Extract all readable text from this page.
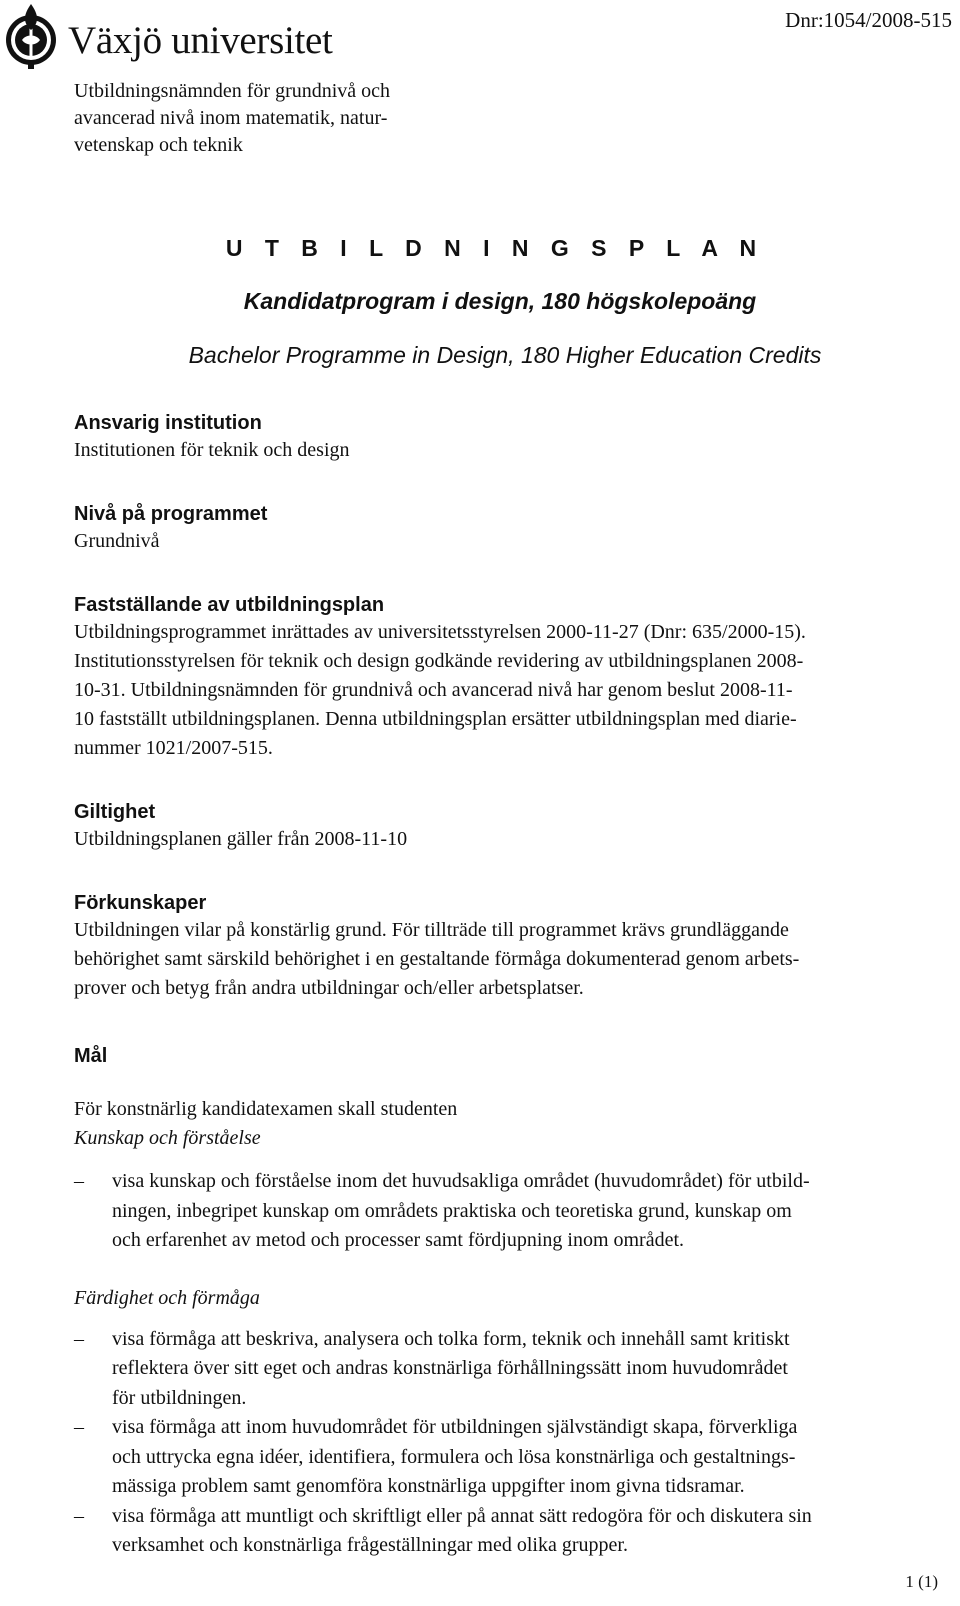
Växjö universitet	Dnr:1054/2008-515
Utbildningsnämnden för grundnivå och
avancerad nivå inom matematik, natur-
vetenskap och teknik
U T B I L D N I N G S P L A N
Kandidatprogram i design, 180 högskolepoäng
Bachelor Programme in Design, 180 Higher Education Credits
Ansvarig institution

Institutionen för teknik och design

Nivå på programmet

Grundnivå

Fastställande av utbildningsplan

Utbildningsprogrammet inrättades av universitetsstyrelsen 2000-11-27 (Dnr: 635/2000-15).
Institutionsstyrelsen för teknik och design godkände revidering av utbildningsplanen 2008-
10-31. Utbildningsnämnden för grundnivå och avancerad nivå har genom beslut 2008-11-
10 fastställt utbildningsplanen. Denna utbildningsplan ersätter utbildningsplan med diarie-
nummer 1021/2007-515.

Giltighet

Utbildningsplanen gäller från 2008-11-10

Förkunskaper

Utbildningen vilar på konstärlig grund. För tillträde till programmet krävs grundläggande
behörighet samt särskild behörighet i en gestaltande förmåga dokumenterad genom arbets-
prover och betyg från andra utbildningar och/eller arbetsplatser.

Mål

För konstnärlig kandidatexamen skall studenten

Kunskap och förståelse

– visa kunskap och förståelse inom det huvudsakliga området (huvudområdet) för utbild-
ningen, inbegripet kunskap om områdets praktiska och teoretiska grund, kunskap om
och erfarenhet av metod och processer samt fördjupning inom området.

Färdighet och förmåga

– visa förmåga att beskriva, analysera och tolka form, teknik och innehåll samt kritiskt
reflektera över sitt eget och andras konstnärliga förhållningssätt inom huvudområdet
för utbildningen.
– visa förmåga att inom huvudområdet för utbildningen självständigt skapa, förverkliga
och uttrycka egna idéer, identifiera, formulera och lösa konstnärliga och gestaltnings-
mässiga problem samt genomföra konstnärliga uppgifter inom givna tidsramar.
– visa förmåga att muntligt och skriftligt eller på annat sätt redogöra för och diskutera sin
verksamhet och konstnärliga frågeställningar med olika grupper.
1 (1)
